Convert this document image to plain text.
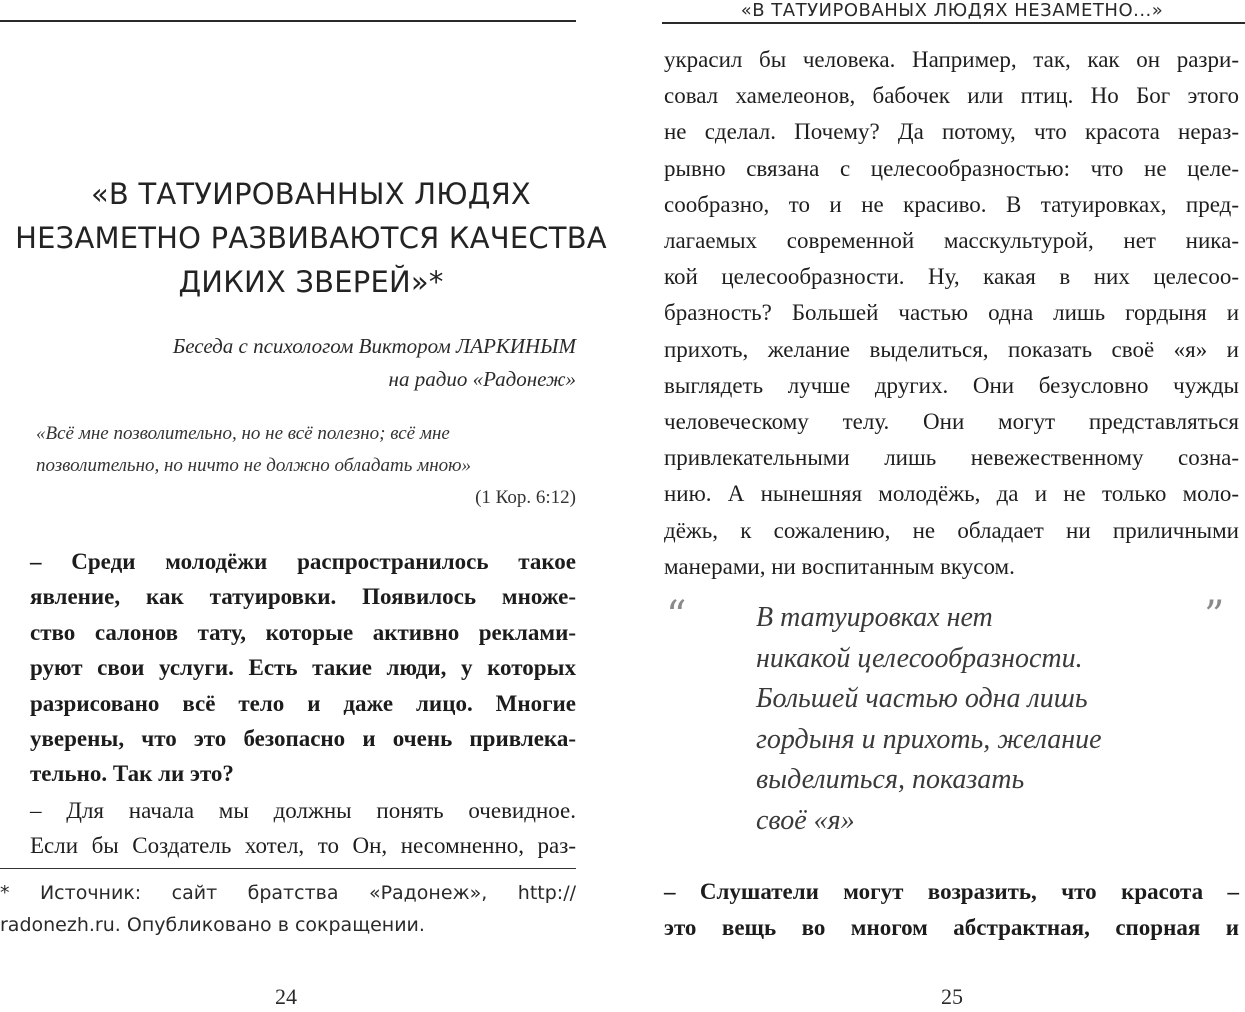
«В ТАТУИРОВАННЫХ ЛЮДЯХ
НЕЗАМЕТНО РАЗВИВАЮТСЯ КАЧЕСТВА
ДИКИХ ЗВЕРЕЙ»*
Беседа с психологом Виктором ЛАРКИНЫМ
на радио «Радонеж»
«Всё мне позволительно, но не всё полезно; всё мне
позволительно, но ничто не должно обладать мною»
(1 Кор. 6:12)
– Среди молодёжи распространилось такое
явление, как татуировки. Появилось множе-
ство салонов тату, которые активно реклами-
руют свои услуги. Есть такие люди, у которых
разрисовано всё тело и даже лицо. Многие
уверены, что это безопасно и очень привлека-
тельно. Так ли это?
– Для начала мы должны понять очевидное.
Если бы Создатель хотел, то Он, несомненно, раз-
* Источник: сайт братства «Радонеж», http://
radonezh.ru. Опубликовано в сокращении.
24
«В ТАТУИРОВАНЫХ ЛЮДЯХ НЕЗАМЕТНО...»
украсил бы человека. Например, так, как он разри-
совал хамелеонов, бабочек или птиц. Но Бог этого
не сделал. Почему? Да потому, что красота нераз-
рывно связана с целесообразностью: что не целе-
сообразно, то и не красиво. В татуировках, пред-
лагаемых современной масскультурой, нет ника-
кой целесообразности. Ну, какая в них целесоо-
бразность? Большей частью одна лишь гордыня и
прихоть, желание выделиться, показать своё «я» и
выглядеть лучше других. Они безусловно чужды
человеческому телу. Они могут представляться
привлекательными лишь невежественному созна-
нию. А нынешняя молодёжь, да и не только моло-
дёжь, к сожалению, не обладает ни приличными
манерами, ни воспитанным вкусом.
“	”
В татуировках нет
никакой целесообразности.
Большей частью одна лишь
гордыня и прихоть, желание
выделиться, показать
своё «я»
– Слушатели могут возразить, что красота –
это вещь во многом абстрактная, спорная и
25
